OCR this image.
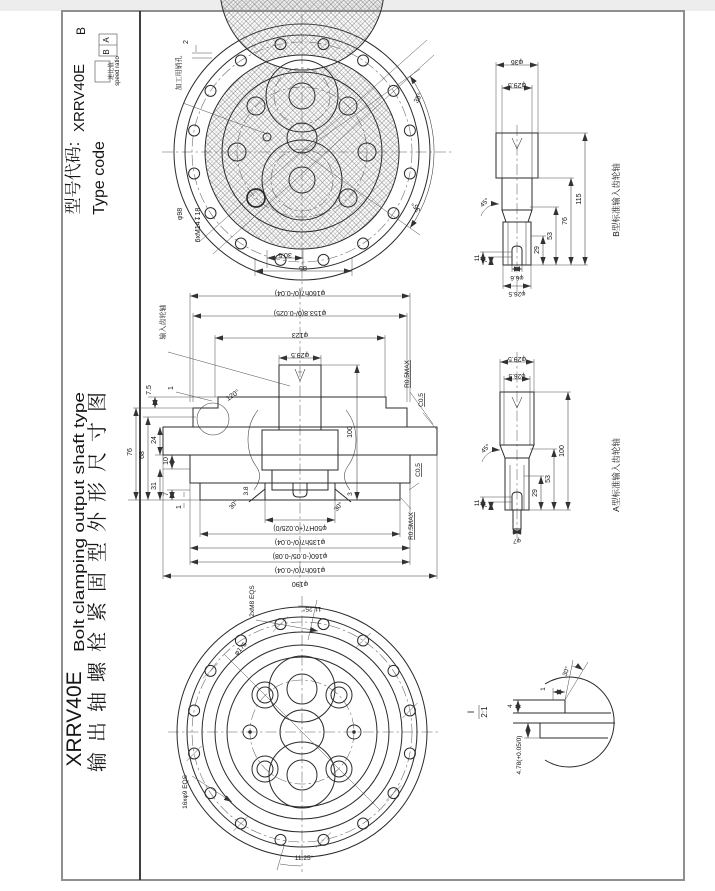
型号代码: Type code
XRRV40E	速比值 speed ratio
A
B
B
XRRV40E 输出轴螺栓紧固型外形尺寸图
Bolt clamping output shaft type
加工用销孔
φ98 6xM14↧18
2
35°
35°
30.5
85
φ160h7(0/-0.04)
φ153.8(0/-0.025)
φ123
φ29.5
输入齿轮轴
7.5 1
120°
76 68
24
10
31
7
1
100
R0.5MAX
C0.5
C0.5
R0.5MAX
30°
3.8
30°
3
φ50H7(+0.025/0)
φ135h7(0/-0.04)
φ160(-0.05/-0.08)
φ160h7(0/-0.04)
φ190
φ36
φ29.5
45°
φ6.6
φ26.5
29
53
76
115
11 7
B型标准输入齿轮轴
φ29.5
φ26.5
45°
φ7
29
53
100
11 7	A型标准输入齿轮轴
2xM8 EQS	11.25°
φ175
16xφ9 EQS
11.25°
30°
1
4
4.78(+0.05/0)
I 2:1
